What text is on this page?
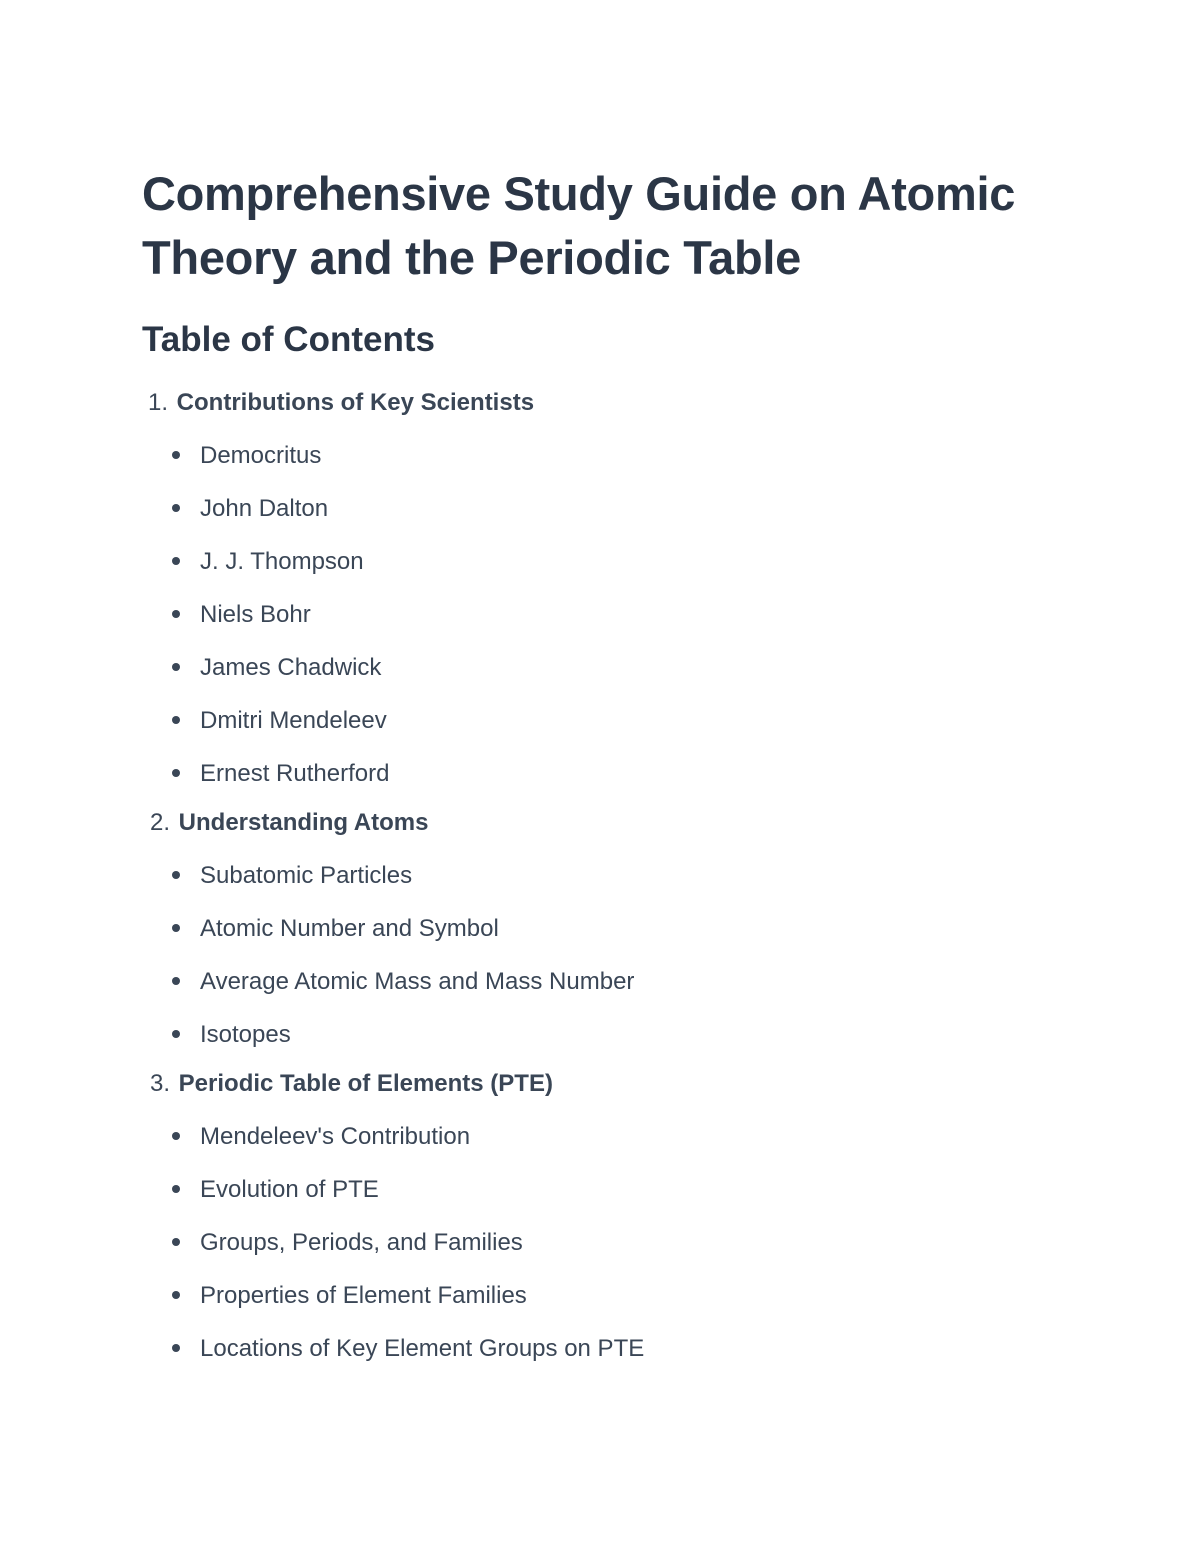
Comprehensive Study Guide on Atomic Theory and the Periodic Table
Table of Contents
1.
Contributions of Key Scientists
Democritus
John Dalton
J. J. Thompson
Niels Bohr
James Chadwick
Dmitri Mendeleev
Ernest Rutherford
2.
Understanding Atoms
Subatomic Particles
Atomic Number and Symbol
Average Atomic Mass and Mass Number
Isotopes
3.
Periodic Table of Elements (PTE)
Mendeleev's Contribution
Evolution of PTE
Groups, Periods, and Families
Properties of Element Families
Locations of Key Element Groups on PTE
